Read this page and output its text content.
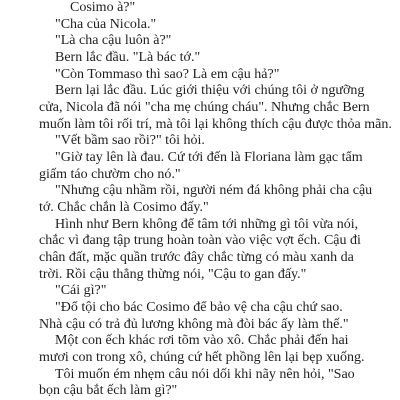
Cosimo à?"
"Cha của Nicola."
"Là cha cậu luôn à?"
Bern lắc đầu. "Là bác tớ."
"Còn Tommaso thì sao? Là em cậu hả?"
Bern lại lắc đầu. Lúc giới thiệu với chúng tôi ở ngưỡng
cửa, Nicola đã nói "cha mẹ chúng cháu". Nhưng chắc Bern
muốn làm tôi rối trí, mà tôi lại không thích cậu được thỏa mãn.
"Vết bầm sao rồi?" tôi hỏi.
"Giờ tay lên là đau. Cứ tới đến là Floriana làm gạc tẩm
giấm táo chườm cho nó."
"Nhưng cậu nhầm rồi, người ném đá không phải cha cậu
tớ. Chắc chắn là Cosimo đấy."
Hình như Bern không để tâm tới những gì tôi vừa nói,
chắc vì đang tập trung hoàn toàn vào việc vợt ếch. Cậu đi
chân đất, mặc quần trước đây chắc từng có màu xanh da
trời. Rồi cậu thẳng thừng nói, "Cậu to gan đấy."
"Cái gì?"
"Đổ tội cho bác Cosimo để bảo vệ cha cậu chứ sao.
Nhà cậu có trả đủ lương không mà đòi bác ấy làm thế."
Một con ếch khác rơi tõm vào xô. Chắc phải đến hai
mươi con trong xô, chúng cứ hết phồng lên lại bẹp xuống.
Tôi muốn ém nhẹm câu nói dối khi nãy nên hỏi, "Sao
bọn cậu bắt ếch làm gì?"
